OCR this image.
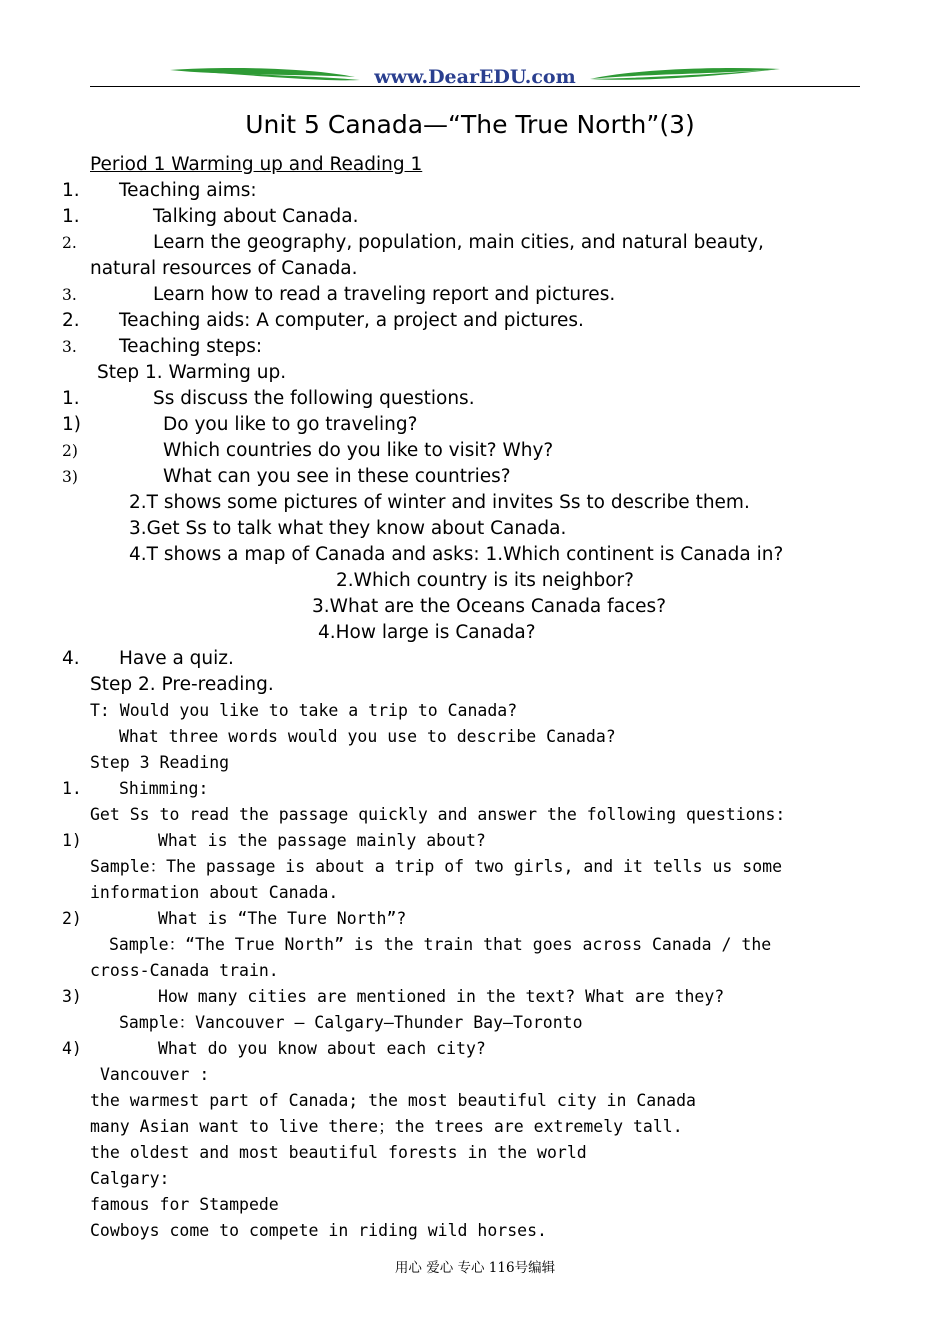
www.DearEDU.com
Unit 5 Canada—“The True North”(3)
Period 1 Warming up and Reading 1
1. Teaching aims:
1.	Talking about Canada.
2.	Learn the geography, population, main cities, and natural beauty,
natural resources of Canada.
3.	Learn how to read a traveling report and pictures.
2. Teaching aids: A computer, a project and pictures.
3. Teaching steps:
Step 1. Warming up.
1.	Ss discuss the following questions.
1)	Do you like to go traveling?
2)	Which countries do you like to visit? Why?
3)	What can you see in these countries?
2.T shows some pictures of winter and invites Ss to describe them.
3.Get Ss to talk what they know about Canada.
4.T shows a map of Canada and asks: 1.Which continent is Canada in?
2.Which country is its neighbor?
3.What are the Oceans Canada faces?
4.How large is Canada?
4. Have a quiz.
Step 2. Pre-reading.
T: Would you like to take a trip to Canada?
What three words would you use to describe Canada?
Step 3 Reading
1. Shimming:
Get Ss to read the passage quickly and answer the following questions:
1)	What is the passage mainly about?
Sample：The passage is about a trip of two girls, and it tells us some
information about Canada.
2)	What is “The Ture North”?
Sample：“The True North” is the train that goes across Canada / the
cross-Canada train.
3)	How many cities are mentioned in the text? What are they?
Sample：Vancouver – Calgary—Thunder Bay—Toronto
4)	What do you know about each city?
Vancouver :
the warmest part of Canada; the most beautiful city in Canada
many Asian want to live there；the trees are extremely tall.
the oldest and most beautiful forests in the world
Calgary:
famous for Stampede
Cowboys come to compete in riding wild horses.
用心 爱心 专心 116号编辑
